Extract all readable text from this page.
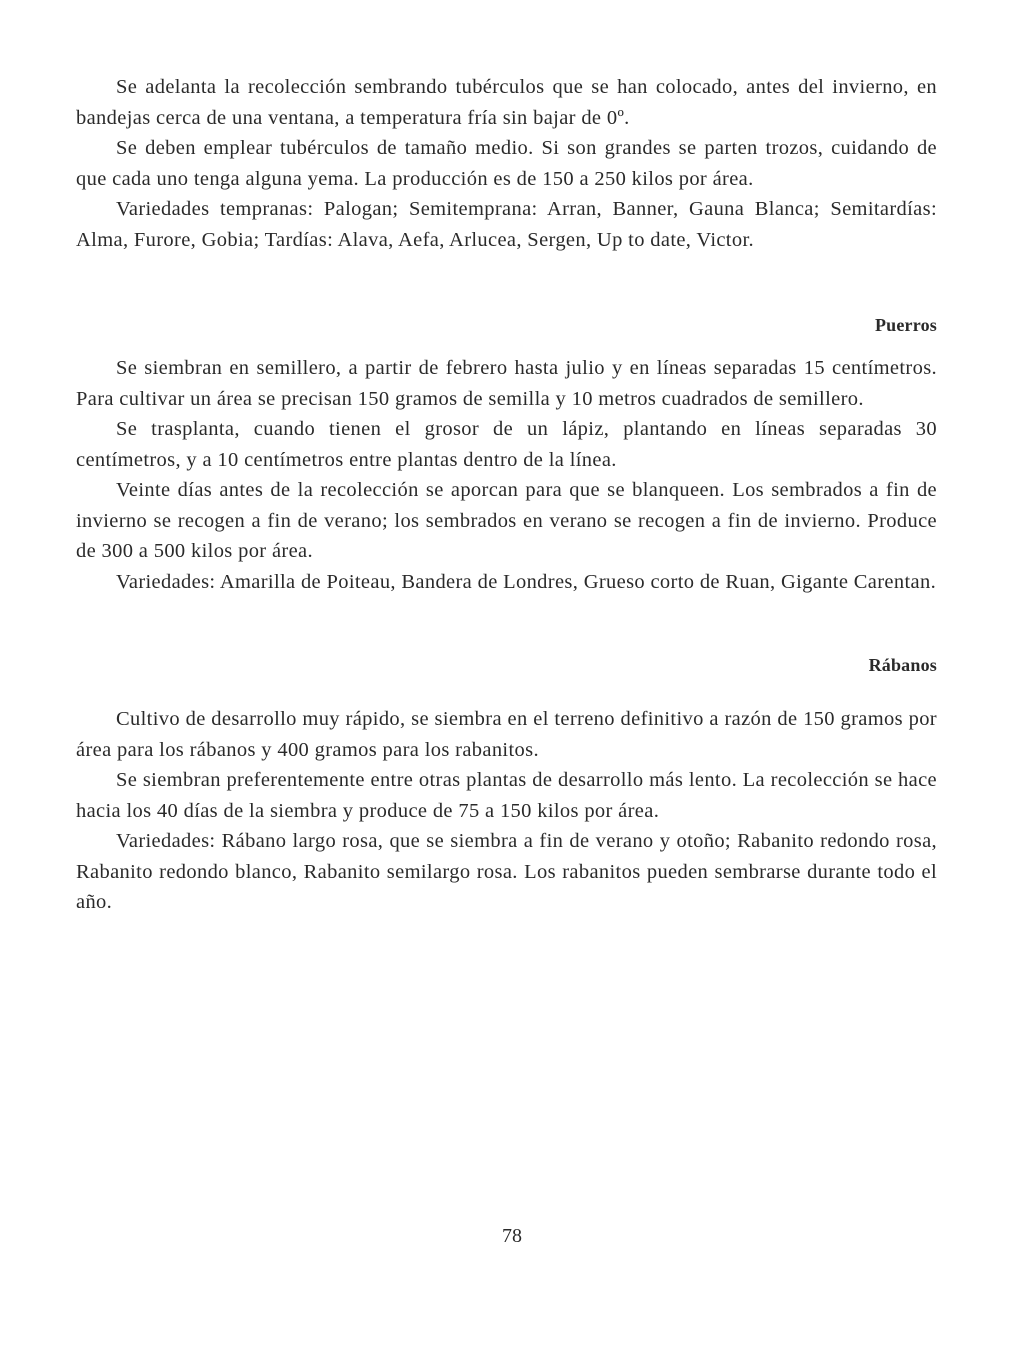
Se adelanta la recolección sembrando tubérculos que se han colocado, antes del invierno, en bandejas cerca de una ventana, a temperatura fría sin bajar de 0º.

Se deben emplear tubérculos de tamaño medio. Si son grandes se parten trozos, cuidando de que cada uno tenga alguna yema. La producción es de 150 a 250 kilos por área.

Variedades tempranas: Palogan; Semitemprana: Arran, Banner, Gauna Blanca; Semitardías: Alma, Furore, Gobia; Tardías: Alava, Aefa, Arlucea, Sergen, Up to date, Victor.

Puerros

Se siembran en semillero, a partir de febrero hasta julio y en líneas separadas 15 centímetros. Para cultivar un área se precisan 150 gramos de semilla y 10 metros cuadrados de semillero.

Se trasplanta, cuando tienen el grosor de un lápiz, plantando en líneas separadas 30 centímetros, y a 10 centímetros entre plantas dentro de la línea.

Veinte días antes de la recolección se aporcan para que se blanqueen. Los sembrados a fin de invierno se recogen a fin de verano; los sembrados en verano se recogen a fin de invierno. Produce de 300 a 500 kilos por área.

Variedades: Amarilla de Poiteau, Bandera de Londres, Grueso corto de Ruan, Gigante Carentan.

Rábanos

Cultivo de desarrollo muy rápido, se siembra en el terreno definitivo a razón de 150 gramos por área para los rábanos y 400 gramos para los rabanitos.

Se siembran preferentemente entre otras plantas de desarrollo más lento. La recolección se hace hacia los 40 días de la siembra y produce de 75 a 150 kilos por área.

Variedades: Rábano largo rosa, que se siembra a fin de verano y otoño; Rabanito redondo rosa, Rabanito redondo blanco, Rabanito semilargo rosa. Los rabanitos pueden sembrarse durante todo el año.

78
